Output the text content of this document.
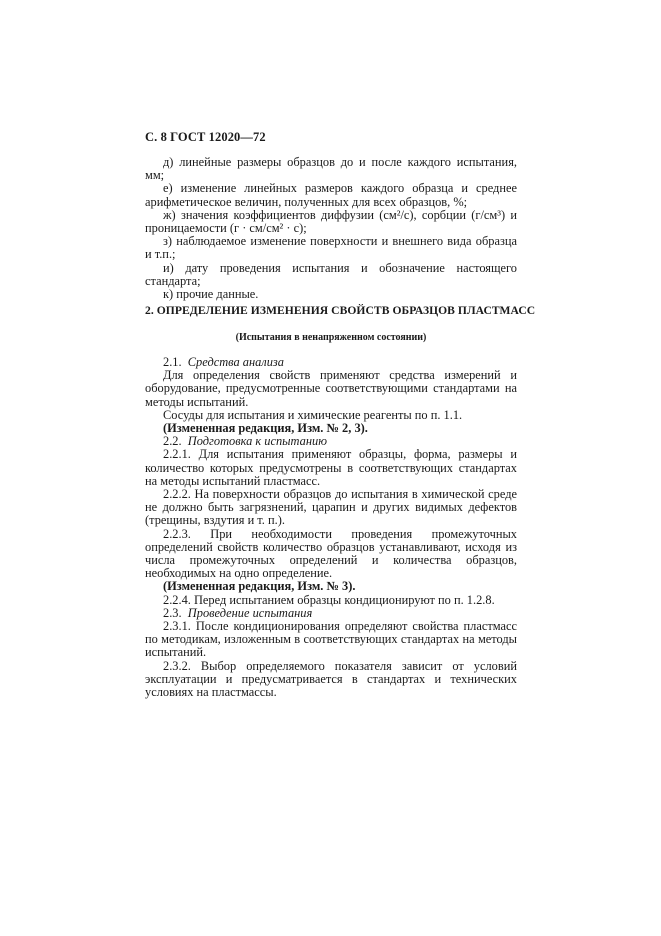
С. 8 ГОСТ 12020—72

д) линейные размеры образцов до и после каждого испытания, мм;

е) изменение линейных размеров каждого образца и среднее арифметическое величин, полученных для всех образцов, %;

ж) значения коэффициентов диффузии (см²/с), сорбции (г/см³) и проницаемости (г · см/см² · с);

з) наблюдаемое изменение поверхности и внешнего вида образца и т.п.;

и) дату проведения испытания и обозначение настоящего стандарта;

к) прочие данные.

2. ОПРЕДЕЛЕНИЕ ИЗМЕНЕНИЯ СВОЙСТВ ОБРАЗЦОВ ПЛАСТМАСС
(Испытания в ненапряженном состоянии)

2.1. Средства анализа

Для определения свойств применяют средства измерений и оборудование, предусмотренные соответствующими стандартами на методы испытаний.

Сосуды для испытания и химические реагенты по п. 1.1.

(Измененная редакция, Изм. № 2, 3).

2.2. Подготовка к испытанию

2.2.1. Для испытания применяют образцы, форма, размеры и количество которых предусмотрены в соответствующих стандартах на методы испытаний пластмасс.

2.2.2. На поверхности образцов до испытания в химической среде не должно быть загрязнений, царапин и других видимых дефектов (трещины, вздутия и т. п.).

2.2.3. При необходимости проведения промежуточных определений свойств количество образцов устанавливают, исходя из числа промежуточных определений и количества образцов, необходимых на одно определение.

(Измененная редакция, Изм. № 3).

2.2.4. Перед испытанием образцы кондиционируют по п. 1.2.8.

2.3. Проведение испытания

2.3.1. После кондиционирования определяют свойства пластмасс по методикам, изложенным в соответствующих стандартах на методы испытаний.

2.3.2. Выбор определяемого показателя зависит от условий эксплуатации и предусматривается в стандартах и технических условиях на пластмассы.
